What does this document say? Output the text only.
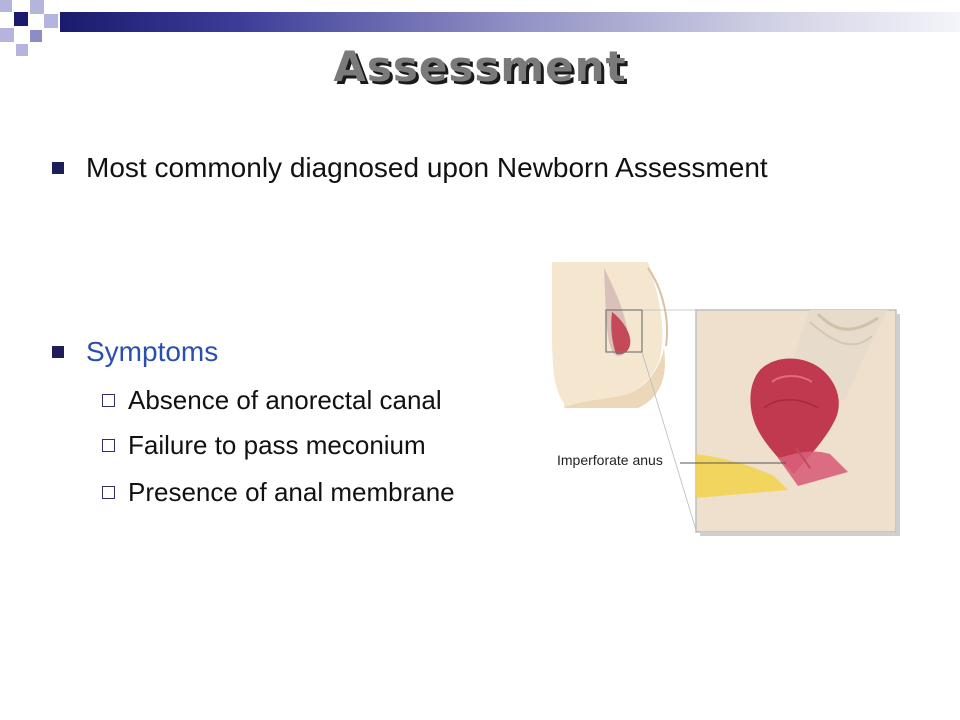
Assessment
Most commonly diagnosed upon Newborn Assessment
Symptoms
Absence of anorectal canal
Failure to pass meconium
Presence of anal membrane
Imperforate anus
